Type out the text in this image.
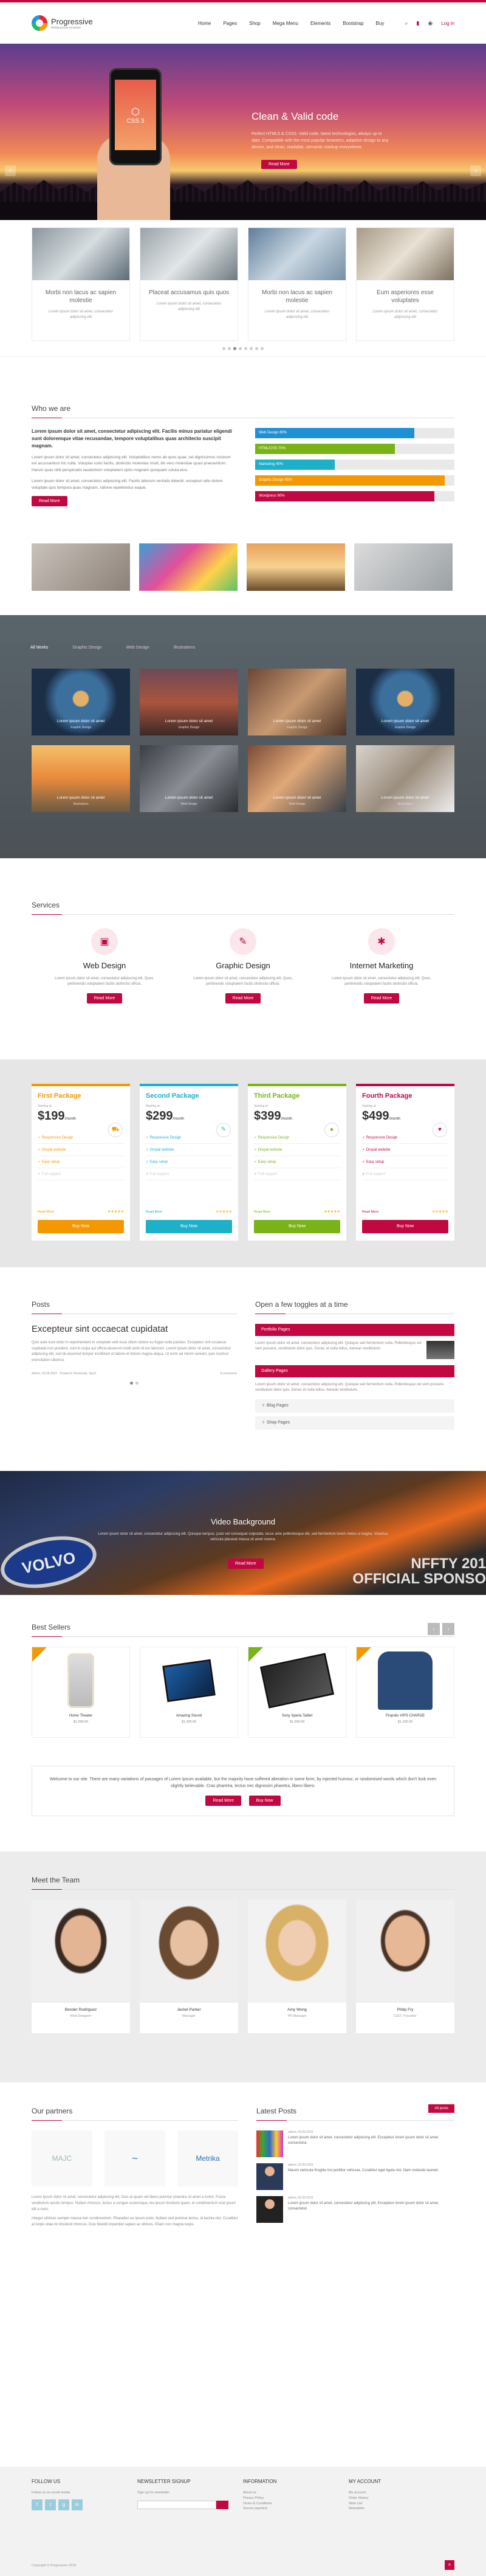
Progressive
Multipurpose template
Home	Pages	Shop	Mega Menu	Elements	Bootstrap	Buy	⌕ ▮ ◉ Log in
⬡
CSS 3	Clean & Valid code

Perfect HTML5 & CSS3. Valid code, latest technologies, always up to date. Compatible with the most popular browsers, adaptive design to any device, and clean, readable, semantic markup everywhere.

Read More
‹	›
Morbi non lacus ac sapien molestie

Lorem ipsum dolor sit amet, consectetur adipiscing elit

Placeat accusamus quis quos

Lorem ipsum dolor sit amet, consectetur adipiscing elit

Morbi non lacus ac sapien molestie

Lorem ipsum dolor sit amet, consectetur adipiscing elit

Eum asperiores esse voluptates

Lorem ipsum dolor sit amet, consectetur adipiscing elit

Who we are

Lorem ipsum dolor sit amet, consectetur adipiscing elit. Facilis minus pariatur eligendi sunt doloremque vitae recusandae, tempore voluptatibus quas architecto suscipit magnam.

Lorem ipsum dolor sit amet, consectetur adipiscing elit. Voluptatibus nemo ab quos quae, vel dignissimos nostrum est accusantium hic nulla. Voluptas iusto facilis, distinctio molestias modi, illo vero molestiae quasi praesentium. Harum quas nihil perspiciatis laudantium voluptatem optio magnam quisquam soluta eius.

Lorem ipsum dolor sit amet, consectetur adipiscing elit. Facilis laborum veritatis deleniti, excepturi odio dolore voluptate quis tempora quas magnam, ratione repellendus eaque.

Read More
Web Design 80%
HTML/CSS 70%
Marketing 40%
Graphic Design 95%
Wordpress 90%
All Works	Graphic Design	Web Design	Illustrations
Lorem ipsum dolor sit amet
Graphic Design
Lorem ipsum dolor sit amet
Graphic Design
Lorem ipsum dolor sit amet
Graphic Design
Lorem ipsum dolor sit amet
Graphic Design
Lorem ipsum dolor sit amet
Illustrations
Lorem ipsum dolor sit amet
Web Design
Lorem ipsum dolor sit amet
Web Design
Lorem ipsum dolor sit amet
Illustrations
Services
▣
Web Design

Lorem ipsum dolor sit amet, consectetur adipiscing elit. Quos, perferendis voluptatem facilis distinctio officia.

Read More
✎
Graphic Design

Lorem ipsum dolor sit amet, consectetur adipiscing elit. Quos, perferendis voluptatem facilis distinctio officia.

Read More
✱
Internet Marketing

Lorem ipsum dolor sit amet, consectetur adipiscing elit. Quos, perferendis voluptatem facilis distinctio officia.

Read More
First Package
Starting at
$199/month
⛟
✓ Responsive Design
✓ Drupal website
✓ Easy setup
✓ Full support
Read More	★★★★★
Buy Now
Second Package
Starting at
$299/month
✎
✓ Responsive Design
✓ Drupal website
✓ Easy setup
✓ Full support
Read More	★★★★★
Buy Now
Third Package
Starting at
$399/month
●
✓ Responsive Design
✓ Drupal website
✓ Easy setup
✓ Full support
Read More	★★★★★
Buy Now
Fourth Package
Starting at
$499/month
♥
✓ Responsive Design
✓ Drupal website
✓ Easy setup
✓ Full support
Read More	★★★★★
Buy Now
Posts
Excepteur sint occaecat cupidatat

Quis aute irure dolor in reprehenderit in voluptate velit esse cillum dolore eu fugiat nulla pariatur. Excepteur sint occaecat cupidatat non proident, sunt in culpa qui officia deserunt mollit anim id est laborum. Lorem ipsum dolor sit amet, consectetur adipiscing elit, sed do eiusmod tempor incididunt ut labore et dolore magna aliqua. Ut enim ad minim veniam, quis nostrud exercitation ullamco.

Admin, 03.09.2015 · Posted in Shortcode, Sport	6 comments
Open a few toggles at a time
Portfolio Pages
Lorem ipsum dolor sit amet, consectetur adipiscing elit. Quisque sed fermentum nulla. Pellentesque vel sem posuere, vestibulum dolor quis. Donec et nulla tellus. Aenean vestibulum.
Gallery Pages
Lorem ipsum dolor sit amet, consectetur adipiscing elit. Quisque sed fermentum nulla. Pellentesque vel sem posuere, vestibulum dolor quis. Donec et nulla tellus. Aenean vestibulum.
＋ Blog Pages
＋ Shop Pages
VOLVO
Video Background

Lorem ipsum dolor sit amet, consectetur adipiscing elit. Quisque tempus, justo vel consequat vulputate, lacus ante pellentesque elit, sed fermentum lorem metus a magna. Vivamus vehicula placerat massa sit amet viverra.

Read More	NFFTY 201
OFFICIAL SPONSO
Best Sellers	‹	›
Home Theater
$1,399.00
Amazing Sound
$1,399.00
Sony Xperia Tablet
$1,399.00
Propolis VIPS CHARGE
$1,299.00

Welcome to our site. There are many variations of passages of Lorem Ipsum available, but the majority have suffered alteration in some form, by injected humour, or randomised words which don't look even slightly believable. Cras pharetra, lectus nec dignissim pharetra, libero libero.

Read More	Buy Now
Meet the Team
Bender Rodriguez
Web Designer
Jeckel Parker
Manager
Amy Wong
PR Manager
Philip Fry
CEO / Founder
Our partners
MAJC	~	Metrika

Lorem ipsum dolor sit amet, consectetur adipiscing elit. Duis at quam vel libero pulvinar pharetra sit amet a lorem. Fusce vestibulum iaculis tempus. Nullam rhoncus, lectus a congue scelerisque, leo ipsum tincidunt quam, et condimentum erat ipsum elit a nunc.

Integer ultricies semper massa non condimentum. Phasellus eu ipsum justo. Nullam sed pulvinar lectus, id lacinia nisl. Curabitur at turpis vitae mi tincidunt rhoncus. Duis blandit imperdiet sapien ac ultrices. Etiam non magna turpis.

Latest Posts	All posts
admin, 03.09.2015

Lorem ipsum dolor sit amet, consectetur adipiscing elit. Excepteur lorem ipsum dolor sit amet, consectetur.

admin, 03.09.2015

Mauris vehicula fringilla nisl porttitor vehicula. Curabitur eget ligula nisi. Nam molestie laoreet.

admin, 03.09.2015

Lorem ipsum dolor sit amet, consectetur adipiscing elit. Excepteur lorem ipsum dolor sit amet, consectetur.

FOLLOW US

Follow us on social media

f	t	g	in
NEWSLETTER SIGNUP

Sign up for newsletter

INFORMATION
About us
Privacy Policy
Terms & Conditions
Secure payment
MY ACCOUNT
My account
Order History
Wish List
Newsletter
Copyright © Progressive 2015	˄
